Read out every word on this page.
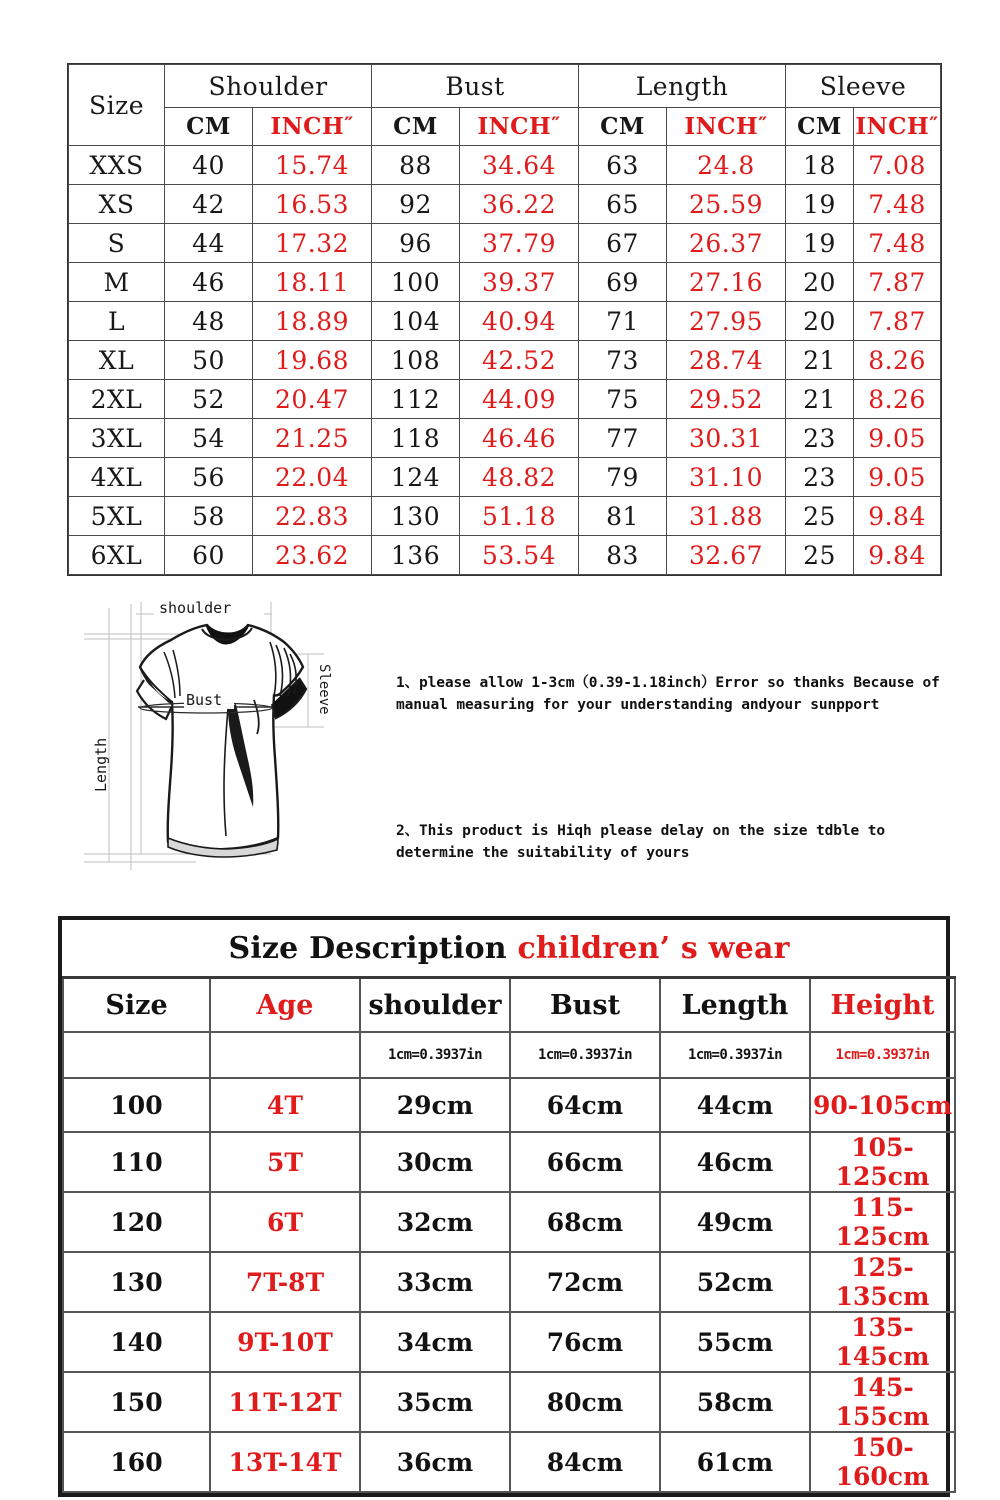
Size	Shoulder		Bust		Length		Sleeve	
	CM	INCH″	CM	INCH″	CM	INCH″	CM	INCH″
XXS	40	15.74	88	34.64	63	24.8	18	7.08
XS	42	16.53	92	36.22	65	25.59	19	7.48
S	44	17.32	96	37.79	67	26.37	19	7.48
M	46	18.11	100	39.37	69	27.16	20	7.87
L	48	18.89	104	40.94	71	27.95	20	7.87
XL	50	19.68	108	42.52	73	28.74	21	8.26
2XL	52	20.47	112	44.09	75	29.52	21	8.26
3XL	54	21.25	118	46.46	77	30.31	23	9.05
4XL	56	22.04	124	48.82	79	31.10	23	9.05
5XL	58	22.83	130	51.18	81	31.88	25	9.84
6XL	60	23.62	136	53.54	83	32.67	25	9.84
shoulder
Bust
Length
Sleeve	1、please allow 1-3cm（0.39-1.18inch）Error so thanks Because of manual measuring for your understanding andyour sunpport
2、This product is Hiqh please delay on the size tdble to determine the suitability of yours
Size Description children’ s wear					
Size	Age	shoulder	Bust	Length	Height
		1cm=0.3937in	1cm=0.3937in	1cm=0.3937in	1cm=0.3937in
100	4T	29cm	64cm	44cm	90-105cm
110	5T	30cm	66cm	46cm	105-125cm
120	6T	32cm	68cm	49cm	115-125cm
130	7T-8T	33cm	72cm	52cm	125-135cm
140	9T-10T	34cm	76cm	55cm	135-145cm
150	11T-12T	35cm	80cm	58cm	145-155cm
160	13T-14T	36cm	84cm	61cm	150-160cm
